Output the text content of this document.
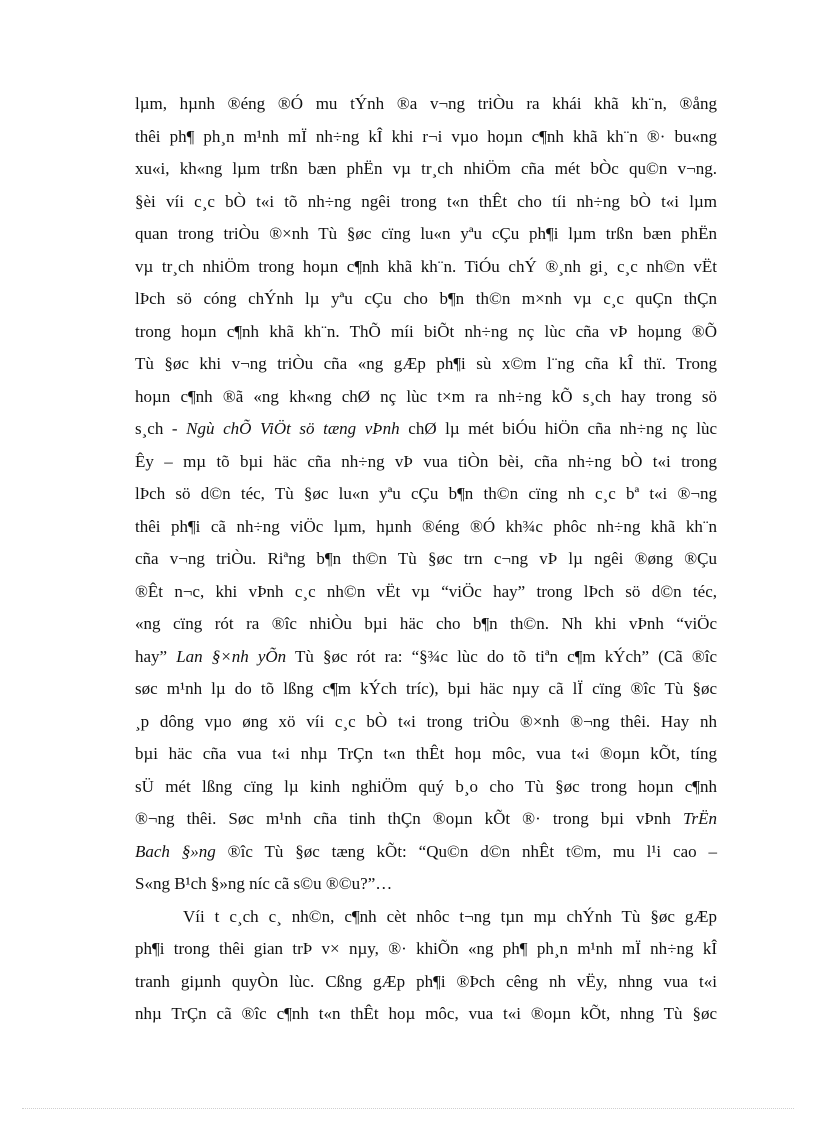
lµm, hµnh ®éng ®Ó mu tÝnh ®a v¬ng triÒu ra khái khã kh¨n, ®ång
thêi ph¶ ph¸n m¹nh mÏ nh÷ng kÎ khi r¬i vµo hoµn c¶nh khã kh¨n ®· bu«ng
xu«i, kh«ng lµm trßn bæn phËn vµ tr¸ch nhiÖm cña mét bÒc qu©n v¬ng.
§èi víi c¸c bÒ t«i tõ nh÷ng ngêi trong t«n thÊt cho tíi nh÷ng bÒ t«i lµm
quan trong triÒu ®×nh Tù §øc cïng lu«n yªu cÇu ph¶i lµm trßn bæn phËn
vµ tr¸ch nhiÖm trong hoµn c¶nh khã kh¨n. TiÓu chÝ ®¸nh gi¸ c¸c nh©n vËt
lÞch sö cóng chÝnh lµ yªu cÇu cho b¶n th©n m×nh vµ c¸c quÇn thÇn
trong hoµn c¶nh khã kh¨n. ThÕ míi biÕt nh÷ng nç lùc cña vÞ hoµng ®Õ
Tù §øc khi v¬ng triÒu cña «ng gÆp ph¶i sù x©m l¨ng cña kÎ thï. Trong
hoµn c¶nh ®ã «ng kh«ng chØ nç lùc t×m ra nh÷ng kÕ s¸ch hay trong sö
s¸ch - Ngù chÕ ViÖt sö tæng vÞnh chØ lµ mét biÓu hiÖn cña nh÷ng nç lùc
Êy – mµ tõ bµi häc cña nh÷ng vÞ vua tiÒn bèi, cña nh÷ng bÒ t«i trong
lÞch sö d©n téc, Tù §øc lu«n yªu cÇu b¶n th©n cïng nh c¸c bª t«i ®¬ng
thêi ph¶i cã nh÷ng viÖc lµm, hµnh ®éng ®Ó kh¾c phôc nh÷ng khã kh¨n
cña v¬ng triÒu. Riªng b¶n th©n Tù §øc trn c¬ng vÞ lµ ngêi ®øng ®Çu
®Êt n¬c, khi vÞnh c¸c nh©n vËt vµ “viÖc hay” trong lÞch sö d©n téc,
«ng cïng rót ra ®îc nhiÒu bµi häc cho b¶n th©n. Nh khi vÞnh “viÖc
hay” Lan §×nh yÕn Tù §øc rót ra: “§¾c lùc do tõ tiªn c¶m kÝch” (Cã ®îc
søc m¹nh lµ do tõ lßng c¶m kÝch tríc), bµi häc nµy cã lÏ cïng ®îc Tù §øc
¸p dông vµo øng xö víi c¸c bÒ t«i trong triÒu ®×nh ®¬ng thêi. Hay nh
bµi häc cña vua t«i nhµ TrÇn t«n thÊt hoµ môc, vua t«i ®oµn kÕt, tíng
sÜ mét lßng cïng lµ kinh nghiÖm quý b¸o cho Tù §øc trong hoµn c¶nh
®¬ng thêi. Søc m¹nh cña tinh thÇn ®oµn kÕt ®· trong bµi vÞnh TrËn
Bach §»ng ®îc Tù §øc tæng kÕt: “Qu©n d©n nhÊt t©m, mu l¹i cao –
S«ng B¹ch §»ng níc cã s©u ®©u?”…
Víi t c¸ch c¸ nh©n, c¶nh cèt nhôc t¬ng tµn mµ chÝnh Tù §øc gÆp
ph¶i trong thêi gian trÞ v× nµy, ®· khiÕn «ng ph¶ ph¸n m¹nh mÏ nh÷ng kÎ
tranh giµnh quyÒn lùc. Cßng gÆp ph¶i ®Þch cêng nh vËy, nhng vua t«i
nhµ TrÇn cã ®îc c¶nh t«n thÊt hoµ môc, vua t«i ®oµn kÕt, nhng Tù §øc
